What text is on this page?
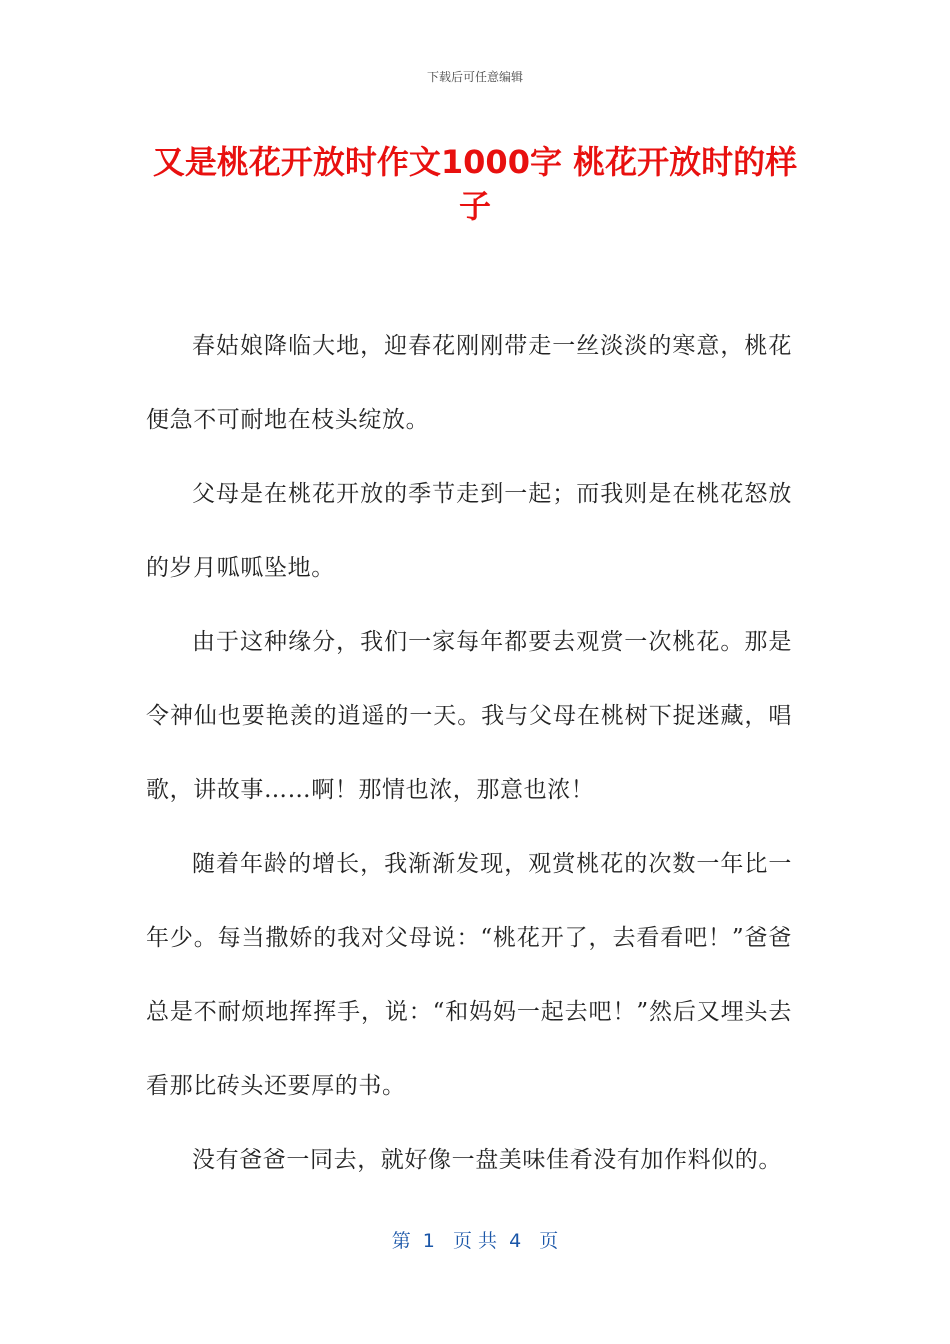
下载后可任意编辑
又是桃花开放时作文1000字 桃花开放时的样子

春姑娘降临大地，迎春花刚刚带走一丝淡淡的寒意，桃花便急不可耐地在枝头绽放。

父母是在桃花开放的季节走到一起；而我则是在桃花怒放的岁月呱呱坠地。

由于这种缘分，我们一家每年都要去观赏一次桃花。那是令神仙也要艳羡的逍遥的一天。我与父母在桃树下捉迷藏，唱歌，讲故事……啊！那情也浓，那意也浓！

随着年龄的增长，我渐渐发现，观赏桃花的次数一年比一年少。每当撒娇的我对父母说：“桃花开了，去看看吧！”爸爸总是不耐烦地挥挥手，说：“和妈妈一起去吧！”然后又埋头去看那比砖头还要厚的书。

没有爸爸一同去，就好像一盘美味佳肴没有加作料似的。

第  1   页 共  4   页
